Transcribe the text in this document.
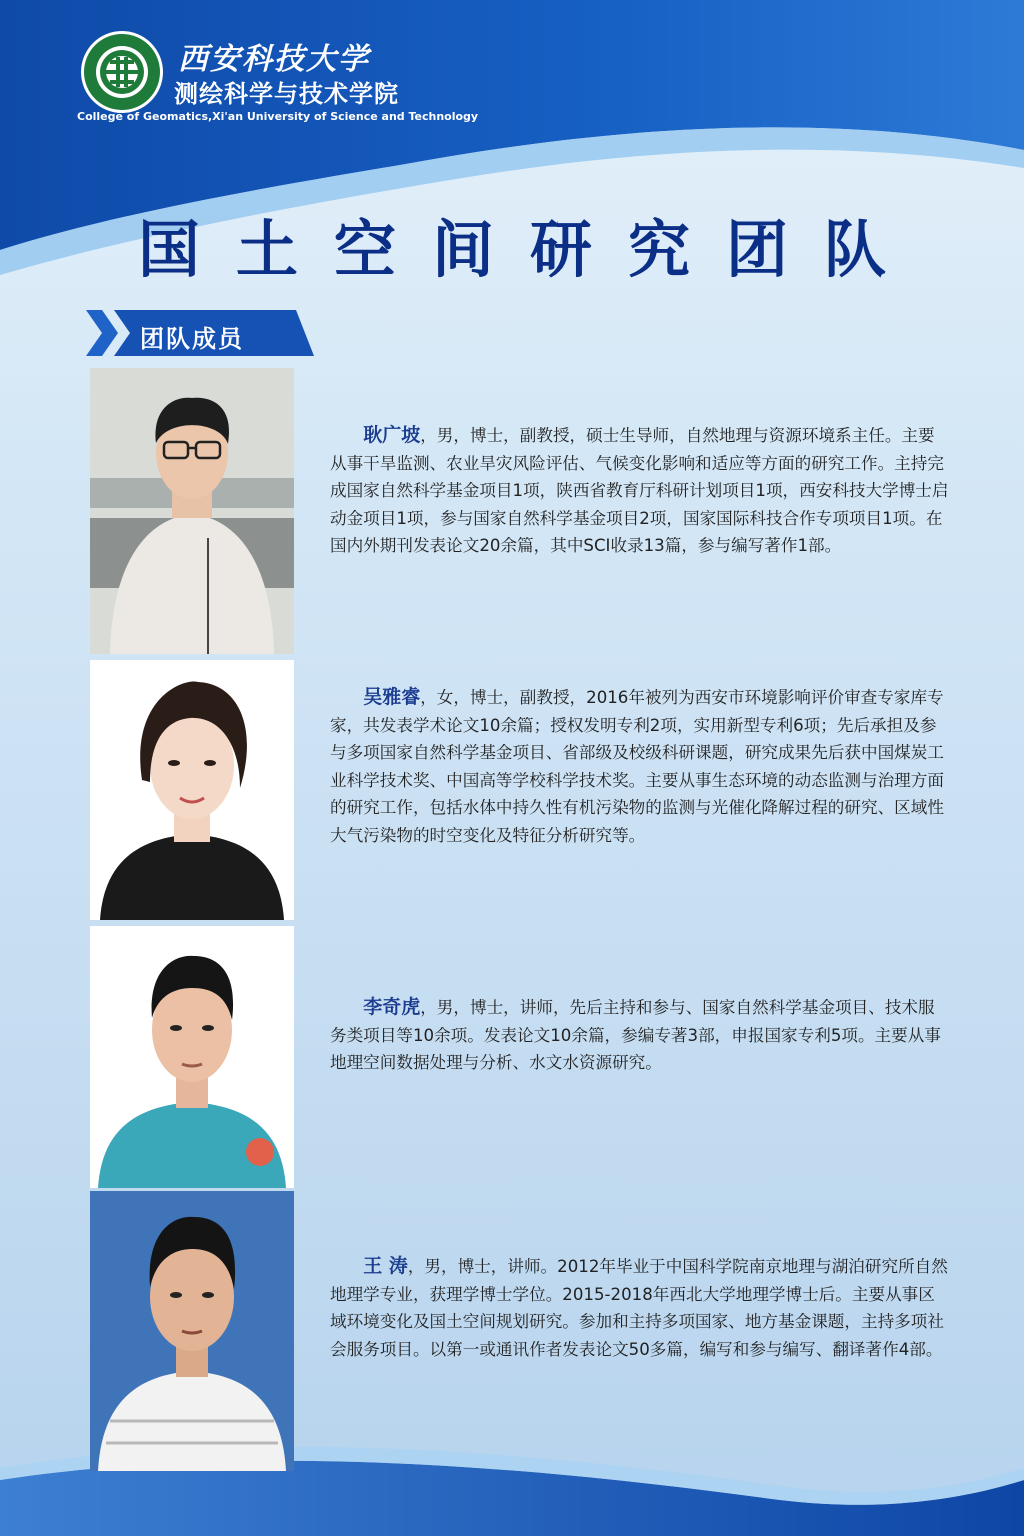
西安科技大学
测绘科学与技术学院
College of Geomatics,Xi'an University of Science and Technology
国土空间研究团队
团队成员
耿广坡，男，博士，副教授，硕士生导师，自然地理与资源环境系主任。主要从事干旱监测、农业旱灾风险评估、气候变化影响和适应等方面的研究工作。主持完成国家自然科学基金项目1项，陕西省教育厅科研计划项目1项，西安科技大学博士启动金项目1项，参与国家自然科学基金项目2项，国家国际科技合作专项项目1项。在国内外期刊发表论文20余篇，其中SCI收录13篇，参与编写著作1部。
吴雅睿，女，博士，副教授，2016年被列为西安市环境影响评价审查专家库专家，共发表学术论文10余篇；授权发明专利2项，实用新型专利6项；先后承担及参与多项国家自然科学基金项目、省部级及校级科研课题，研究成果先后获中国煤炭工业科学技术奖、中国高等学校科学技术奖。主要从事生态环境的动态监测与治理方面的研究工作，包括水体中持久性有机污染物的监测与光催化降解过程的研究、区域性大气污染物的时空变化及特征分析研究等。
李奇虎，男，博士，讲师，先后主持和参与、国家自然科学基金项目、技术服务类项目等10余项。发表论文10余篇，参编专著3部，申报国家专利5项。主要从事地理空间数据处理与分析、水文水资源研究。
王 涛，男，博士，讲师。2012年毕业于中国科学院南京地理与湖泊研究所自然地理学专业，获理学博士学位。2015-2018年西北大学地理学博士后。主要从事区域环境变化及国土空间规划研究。参加和主持多项国家、地方基金课题，主持多项社会服务项目。以第一或通讯作者发表论文50多篇，编写和参与编写、翻译著作4部。
